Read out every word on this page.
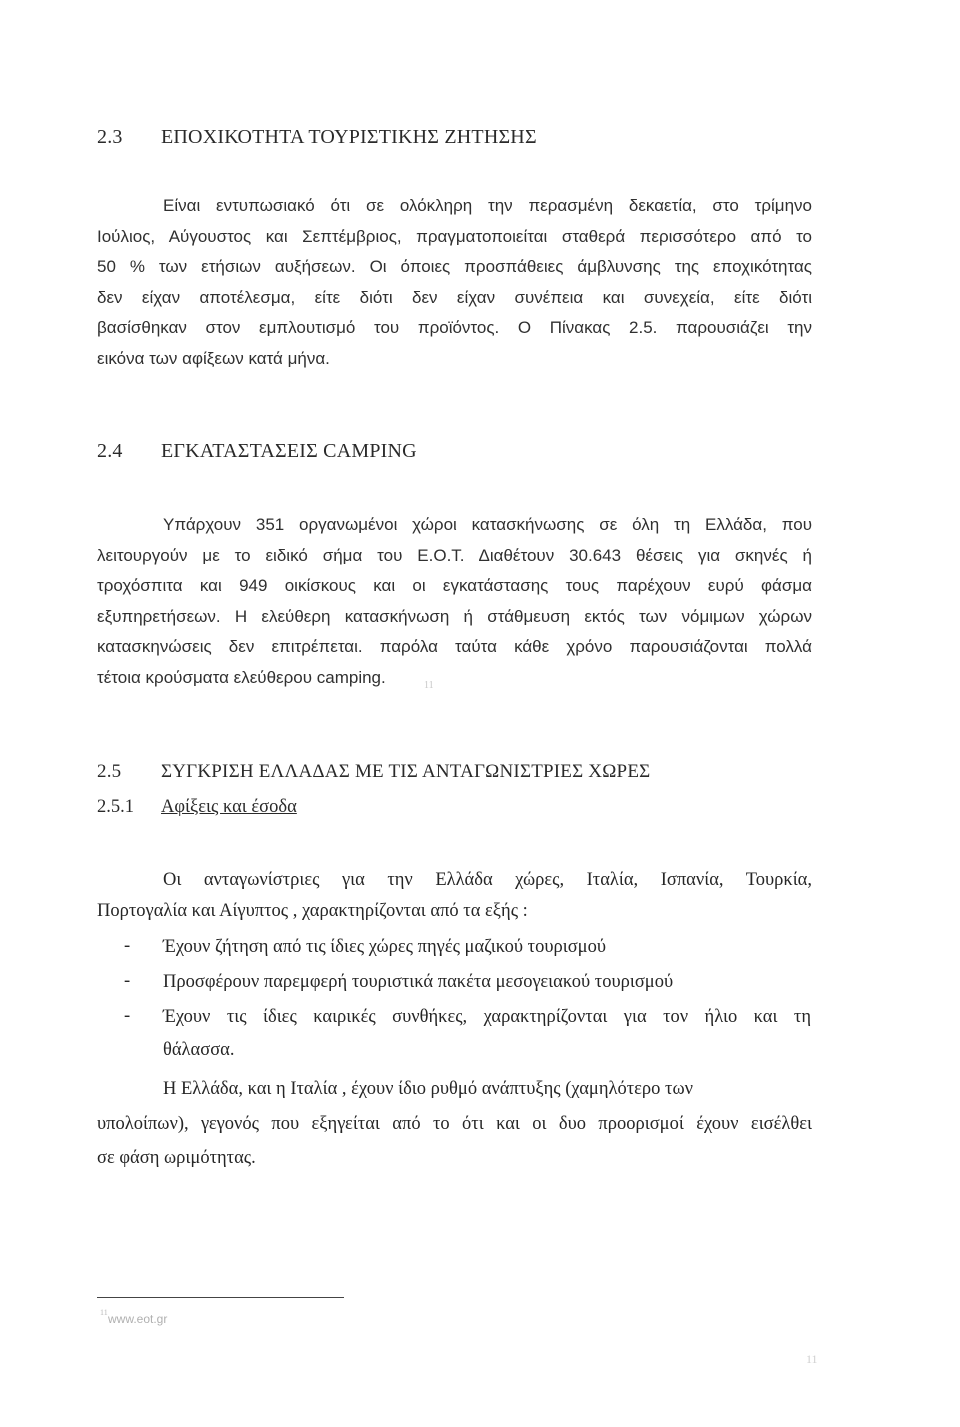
2.3 ΕΠΟΧΙΚΟΤΗΤΑ ΤΟΥΡΙΣΤΙΚΗΣ ΖΗΤΗΣΗΣ
Είναι εντυπωσιακό ότι σε ολόκληρη την περασμένη δεκαετία, στο τρίμηνο
Ιούλιος, Αύγουστος και Σεπτέμβριος, πραγματοποιείται σταθερά περισσότερο από το
50 % των ετήσιων αυξήσεων. Οι όποιες προσπάθειες άμβλυνσης της εποχικότητας
δεν είχαν αποτέλεσμα, είτε διότι δεν είχαν συνέπεια και συνεχεία, είτε διότι
βασίσθηκαν στον εμπλουτισμό του προϊόντος. Ο Πίνακας 2.5. παρουσιάζει την
εικόνα των αφίξεων κατά μήνα.
2.4 ΕΓΚΑΤΑΣΤΑΣΕΙΣ CAMPING
Υπάρχουν 351 οργανωμένοι χώροι κατασκήνωσης σε όλη τη Ελλάδα, που
λειτουργούν με το ειδικό σήμα του Ε.Ο.Τ. Διαθέτουν 30.643 θέσεις για σκηνές ή
τροχόσπιτα και 949 οικίσκους και οι εγκατάστασης τους παρέχουν ευρύ φάσμα
εξυπηρετήσεων. Η ελεύθερη κατασκήνωση ή στάθμευση εκτός των νόμιμων χώρων
κατασκηνώσεις δεν επιτρέπεται. παρόλα ταύτα κάθε χρόνο παρουσιάζονται πολλά
τέτοια κρούσματα ελεύθερου camping.	11
2.5 ΣΥΓΚΡΙΣΗ ΕΛΛΑΔΑΣ ΜΕ ΤΙΣ ΑΝΤΑΓΩΝΙΣΤΡΙΕΣ ΧΩΡΕΣ
2.5.1 Αφίξεις και έσοδα
Οι ανταγωνίστριες για την Ελλάδα χώρες, Ιταλία, Ισπανία, Τουρκία,
Πορτογαλία και Αίγυπτος , χαρακτηρίζονται από τα εξής :
- Έχουν ζήτηση από τις ίδιες χώρες πηγές μαζικού τουρισμού
- Προσφέρουν παρεμφερή τουριστικά πακέτα μεσογειακού τουρισμού
- Έχουν τις ίδιες καιρικές συνθήκες, χαρακτηρίζονται για τον ήλιο και τη
θάλασσα.
Η Ελλάδα, και η Ιταλία , έχουν ίδιο ρυθμό ανάπτυξης (χαμηλότερο των
υπολοίπων), γεγονός που εξηγείται από το ότι και οι δυο προορισμοί έχουν εισέλθει
σε φάση ωριμότητας.
11 www.eot.gr
11
